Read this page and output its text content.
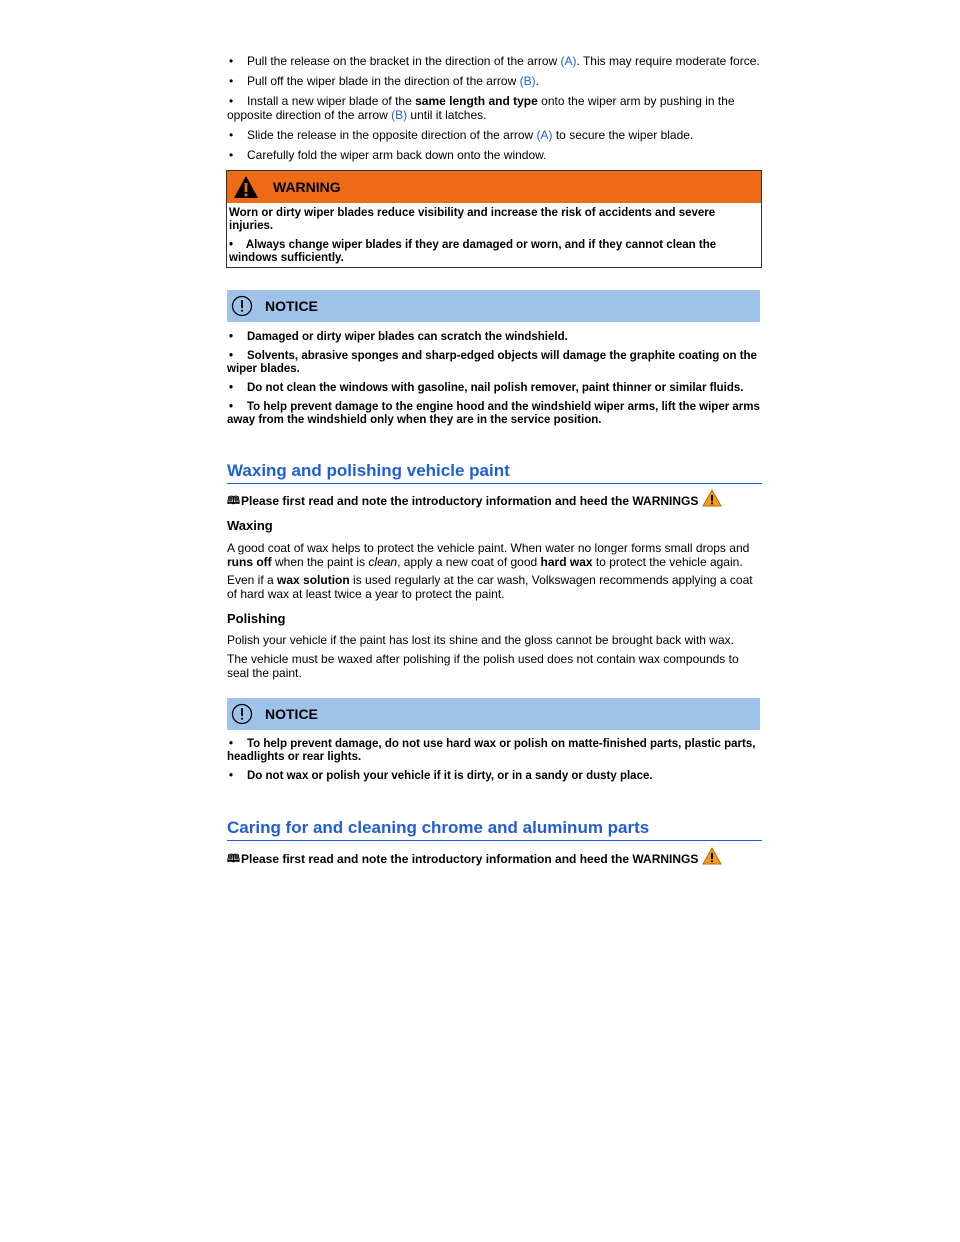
• Pull the release on the bracket in the direction of the arrow (A). This may require moderate force.
• Pull off the wiper blade in the direction of the arrow (B).
•	Install a new wiper blade of the same length and type onto the wiper arm by pushing in the opposite direction of the arrow (B) until it latches.
• Slide the release in the opposite direction of the arrow (A) to secure the wiper blade.
• Carefully fold the wiper arm back down onto the window.
WARNING

Worn or dirty wiper blades reduce visibility and increase the risk of accidents and severe injuries.

• Always change wiper blades if they are damaged or worn, and if they cannot clean the windows sufficiently.

NOTICE
• Damaged or dirty wiper blades can scratch the windshield.
•	Solvents, abrasive sponges and sharp-edged objects will damage the graphite coating on the wiper blades.
• Do not clean the windows with gasoline, nail polish remover, paint thinner or similar fluids.
•	To help prevent damage to the engine hood and the windshield wiper arms, lift the wiper arms away from the windshield only when they are in the service position.
Waxing and polishing vehicle paint
🕮 Please first read and note the introductory information and heed the WARNINGS
Waxing
A good coat of wax helps to protect the vehicle paint. When water no longer forms small drops and runs off when the paint is clean, apply a new coat of good hard wax to protect the vehicle again.
Even if a wax solution is used regularly at the car wash, Volkswagen recommends applying a coat of hard wax at least twice a year to protect the paint.
Polishing
Polish your vehicle if the paint has lost its shine and the gloss cannot be brought back with wax.
The vehicle must be waxed after polishing if the polish used does not contain wax compounds to seal the paint.
NOTICE
•	To help prevent damage, do not use hard wax or polish on matte-finished parts, plastic parts, headlights or rear lights.
• Do not wax or polish your vehicle if it is dirty, or in a sandy or dusty place.
Caring for and cleaning chrome and aluminum parts
🕮 Please first read and note the introductory information and heed the WARNINGS
